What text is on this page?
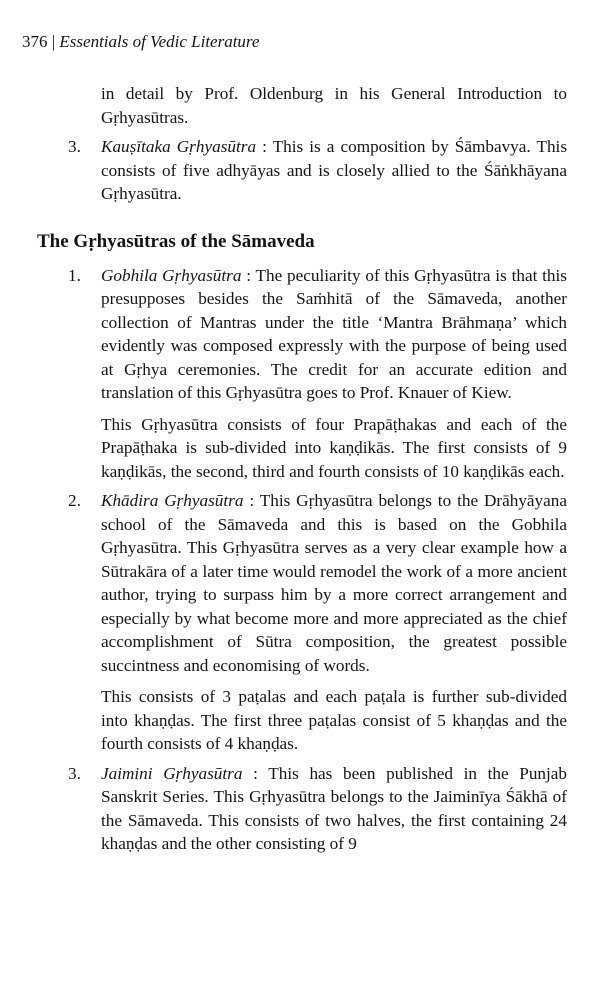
376 | Essentials of Vedic Literature

in detail by Prof. Oldenburg in his General Introduction to Gṛhyasūtras.

3. Kauṣītaka Gṛhyasūtra : This is a composition by Śāmbavya. This consists of five adhyāyas and is closely allied to the Śāṅkhāyana Gṛhyasūtra.

The Gṛhyasūtras of the Sāmaveda
1. Gobhila Gṛhyasūtra : The peculiarity of this Gṛhyasūtra is that this presupposes besides the Saṁhitā of the Sāmaveda, another collection of Mantras under the title ‘Mantra Brāhmaṇa’ which evidently was composed expressly with the purpose of being used at Gṛhya ceremonies. The credit for an accurate edition and translation of this Gṛhyasūtra goes to Prof. Knauer of Kiew.

This Gṛhyasūtra consists of four Prapāṭhakas and each of the Prapāṭhaka is sub-divided into kaṇḍikās. The first consists of 9 kaṇḍikās, the second, third and fourth consists of 10 kaṇḍikās each.

2. Khādira Gṛhyasūtra : This Gṛhyasūtra belongs to the Drāhyāyana school of the Sāmaveda and this is based on the Gobhila Gṛhyasūtra. This Gṛhyasūtra serves as a very clear example how a Sūtrakāra of a later time would remodel the work of a more ancient author, trying to surpass him by a more correct arrangement and especially by what become more and more appreciated as the chief accomplishment of Sūtra composition, the greatest possible succintness and economising of words.

This consists of 3 paṭalas and each paṭala is further sub-divided into khaṇḍas. The first three paṭalas consist of 5 khaṇḍas and the fourth consists of 4 khaṇḍas.

3. Jaimini Gṛhyasūtra : This has been published in the Punjab Sanskrit Series. This Gṛhyasūtra belongs to the Jaiminīya Śākhā of the Sāmaveda. This consists of two halves, the first containing 24 khaṇḍas and the other consisting of 9
